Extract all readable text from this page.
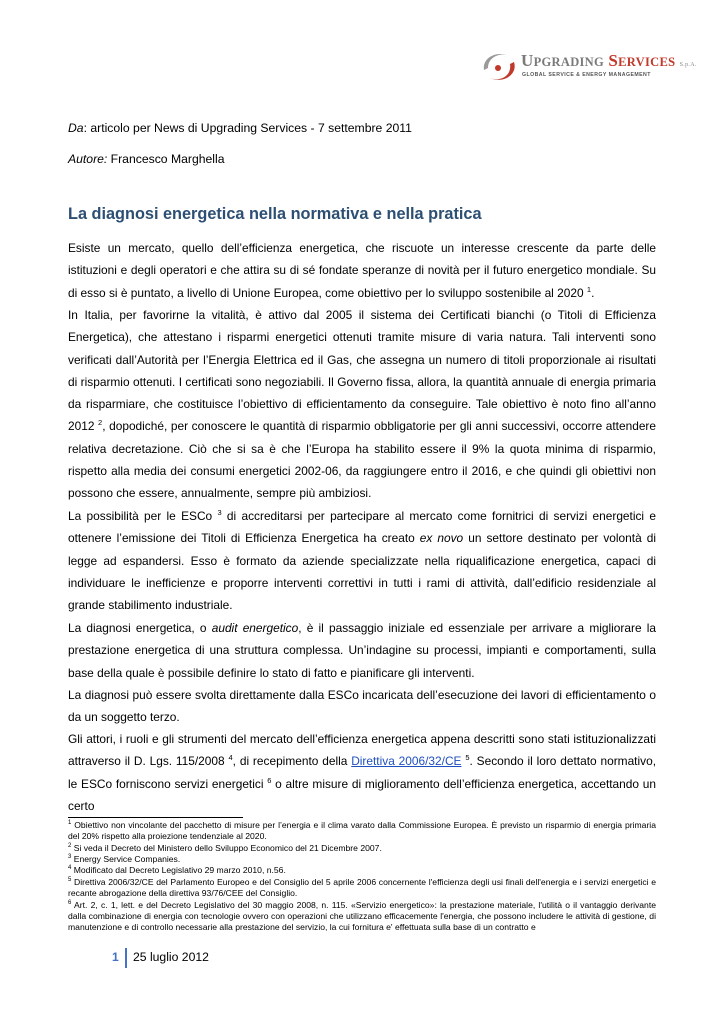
UPGRADING SERVICES S.p.A.
GLOBAL SERVICE & ENERGY MANAGEMENT
Da: articolo per News di Upgrading Services - 7 settembre 2011
Autore: Francesco Marghella
La diagnosi energetica nella normativa e nella pratica

Esiste un mercato, quello dell’efficienza energetica, che riscuote un interesse crescente da parte delle istituzioni e degli operatori e che attira su di sé fondate speranze di novità per il futuro energetico mondiale. Su di esso si è puntato, a livello di Unione Europea, come obiettivo per lo sviluppo sostenibile al 2020 $^1$.

In Italia, per favorirne la vitalità, è attivo dal 2005 il sistema dei Certificati bianchi (o Titoli di Efficienza Energetica), che attestano i risparmi energetici ottenuti tramite misure di varia natura. Tali interventi sono verificati dall’Autorità per l’Energia Elettrica ed il Gas, che assegna un numero di titoli proporzionale ai risultati di risparmio ottenuti. I certificati sono negoziabili. Il Governo fissa, allora, la quantità annuale di energia primaria da risparmiare, che costituisce l’obiettivo di efficientamento da conseguire. Tale obiettivo è noto fino all’anno 2012 $^2$, dopodiché, per conoscere le quantità di risparmio obbligatorie per gli anni successivi, occorre attendere relativa decretazione. Ciò che si sa è che l’Europa ha stabilito essere il 9% la quota minima di risparmio, rispetto alla media dei consumi energetici 2002-06, da raggiungere entro il 2016, e che quindi gli obiettivi non possono che essere, annualmente, sempre più ambiziosi.

La possibilità per le ESCo $^3$ di accreditarsi per partecipare al mercato come fornitrici di servizi energetici e ottenere l’emissione dei Titoli di Efficienza Energetica ha creato ex novo un settore destinato per volontà di legge ad espandersi. Esso è formato da aziende specializzate nella riqualificazione energetica, capaci di individuare le inefficienze e proporre interventi correttivi in tutti i rami di attività, dall’edificio residenziale al grande stabilimento industriale.

La diagnosi energetica, o audit energetico, è il passaggio iniziale ed essenziale per arrivare a migliorare la prestazione energetica di una struttura complessa. Un’indagine su processi, impianti e comportamenti, sulla base della quale è possibile definire lo stato di fatto e pianificare gli interventi.

La diagnosi può essere svolta direttamente dalla ESCo incaricata dell’esecuzione dei lavori di efficientamento o da un soggetto terzo.

Gli attori, i ruoli e gli strumenti del mercato dell’efficienza energetica appena descritti sono stati istituzionalizzati attraverso il D. Lgs. 115/2008 $^4$, di recepimento della Direttiva 2006/32/CE $^5$. Secondo il loro dettato normativo, le ESCo forniscono servizi energetici $^6$ o altre misure di miglioramento dell’efficienza energetica, accettando un certo

$^1$ Obiettivo non vincolante del pacchetto di misure per l’energia e il clima varato dalla Commissione Europea. È previsto un risparmio di energia primaria del 20% rispetto alla proiezione tendenziale al 2020.

$^2$ Si veda il Decreto del Ministero dello Sviluppo Economico del 21 Dicembre 2007.

$^3$ Energy Service Companies.

$^4$ Modificato dal Decreto Legislativo 29 marzo 2010, n.56.

$^5$ Direttiva 2006/32/CE del Parlamento Europeo e del Consiglio del 5 aprile 2006 concernente l'efficienza degli usi finali dell'energia e i servizi energetici e recante abrogazione della direttiva 93/76/CEE del Consiglio.

$^6$ Art. 2, c. 1, lett. e del Decreto Legislativo del 30 maggio 2008, n. 115. «Servizio energetico»: la prestazione materiale, l'utilità o il vantaggio derivante dalla combinazione di energia con tecnologie ovvero con operazioni che utilizzano efficacemente l'energia, che possono includere le attività di gestione, di manutenzione e di controllo necessarie alla prestazione del servizio, la cui fornitura e' effettuata sulla base di un contratto e

1 25 luglio 2012
